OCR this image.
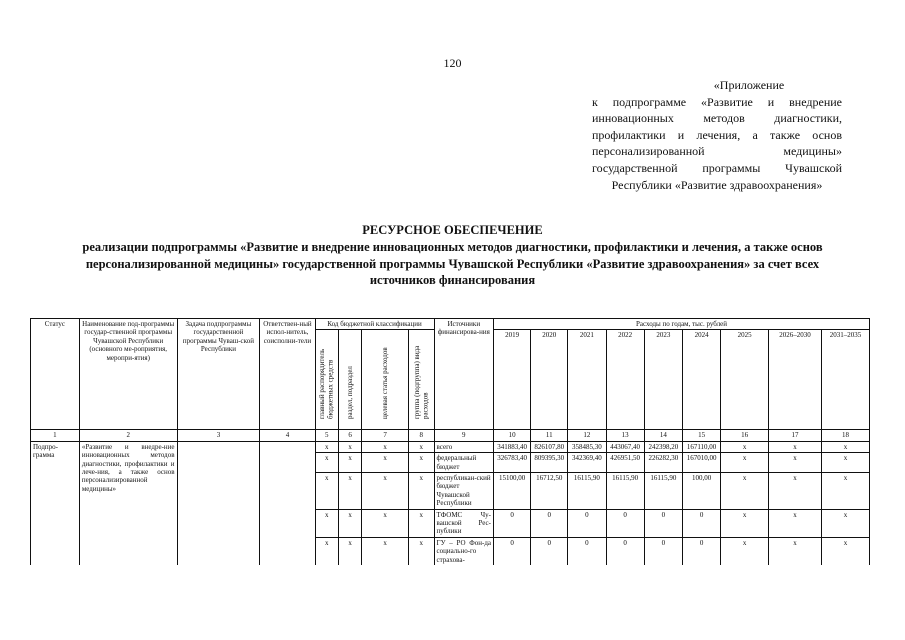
120
«Приложение
к подпрограмме «Развитие и внедрение инновационных методов диагностики, профилактики и лечения, а также основ персонализированной медицины» государственной программы Чувашской Республики «Развитие здравоохранения»
РЕСУРСНОЕ ОБЕСПЕЧЕНИЕ
реализации подпрограммы «Развитие и внедрение инновационных методов диагностики, профилактики и лечения, а также основ персонализированной медицины» государственной программы Чувашской Республики «Развитие здравоохранения» за счет всех источников финансирования
Статус	Наименование под-программы государ-ственной программы Чувашской Республики (основного ме-роприятия, меропри-ятия)	Задача подпрограммы государственной программы Чуваш-ской Республики	Ответствен-ный испол-нитель, соисполни-тели	Код бюджетной классификации				Источники финансирова-ния	Расходы по годам, тыс. рублей								

				главный распорядитель бюджетных средств	раздел, подраздел	целевая статья расходов	группа (подгруппа) вида расходов		2019	2020	2021	2022	2023	2024	2025	2026–2030	2031–2035
1	2	3	4	5	6	7	8	9	10	11	12	13	14	15	16	17	18
Подпро-грамма	«Развитие и внедре-ние инновационных методов диагностики, профилактики и лече-ния, а также основ персонализированной медицины»			x	x	x	x	всего	341883,40	826107,80	358485,30	443067,40	242398,20	167110,00	x	x	x
				x	x	x	x	федеральный бюджет	326783,40	809395,30	342369,40	426951,50	226282,30	167010,00	x	x	x
				x	x	x	x	республикан-ский бюджет Чувашской Республики	15100,00	16712,50	16115,90	16115,90	16115,90	100,00	x	x	x
				x	x	x	x	ТФОМС Чу-вашской Рес-публики	0	0	0	0	0	0	x	x	x
				x	x	x	x	ГУ – РО Фон-да социально-го страхова-	0	0	0	0	0	0	x	x	x
